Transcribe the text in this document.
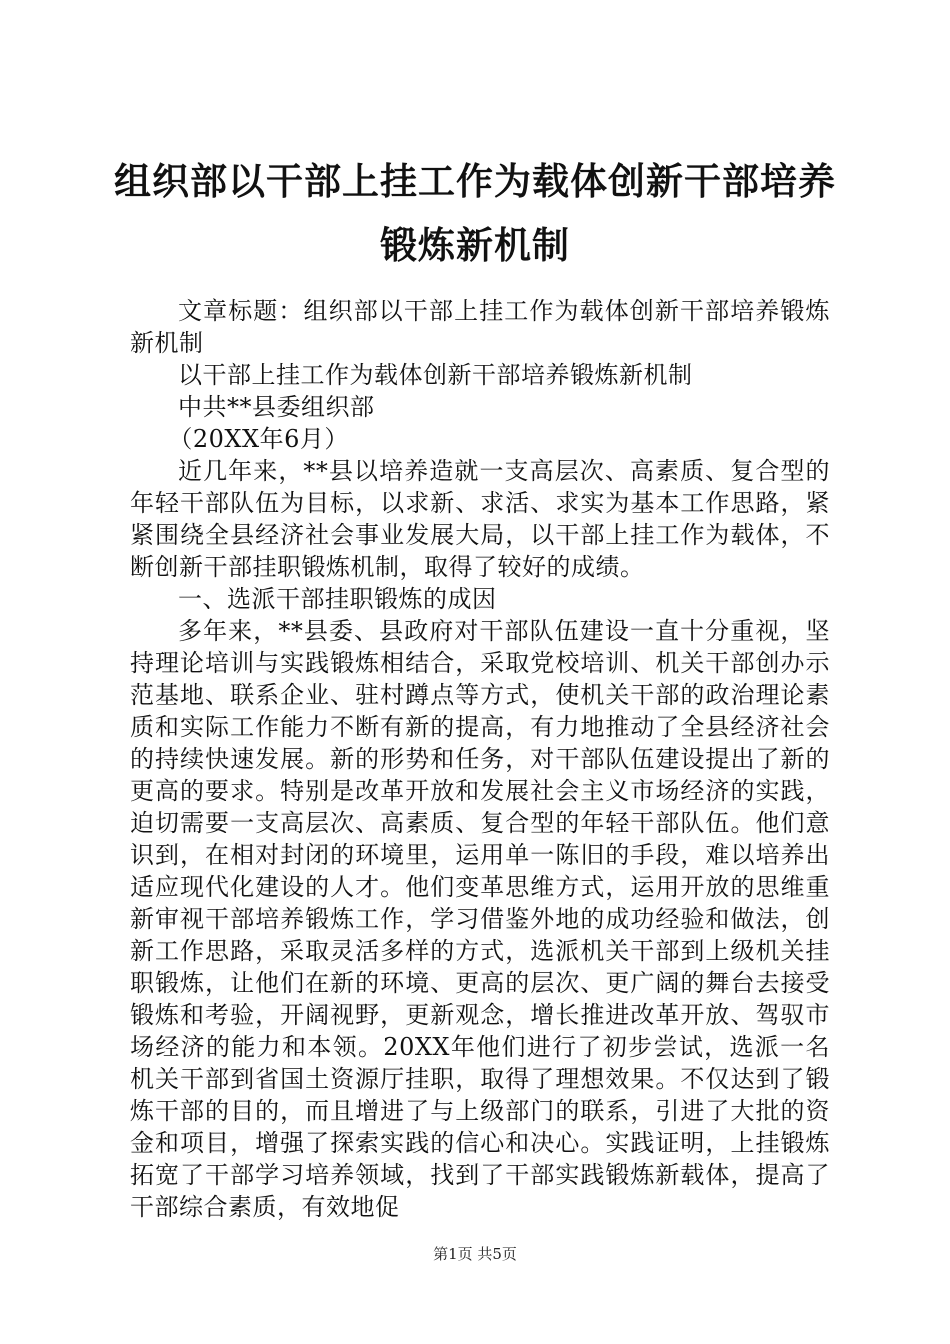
组织部以干部上挂工作为载体创新干部培养锻炼新机制

文章标题：组织部以干部上挂工作为载体创新干部培养锻炼新机制

以干部上挂工作为载体创新干部培养锻炼新机制

中共**县委组织部

（20XX年6月）

近几年来，**县以培养造就一支高层次、高素质、复合型的年轻干部队伍为目标，以求新、求活、求实为基本工作思路，紧紧围绕全县经济社会事业发展大局，以干部上挂工作为载体，不断创新干部挂职锻炼机制，取得了较好的成绩。

一、选派干部挂职锻炼的成因

多年来，**县委、县政府对干部队伍建设一直十分重视，坚持理论培训与实践锻炼相结合，采取党校培训、机关干部创办示范基地、联系企业、驻村蹲点等方式，使机关干部的政治理论素质和实际工作能力不断有新的提高，有力地推动了全县经济社会的持续快速发展。新的形势和任务，对干部队伍建设提出了新的更高的要求。特别是改革开放和发展社会主义市场经济的实践，迫切需要一支高层次、高素质、复合型的年轻干部队伍。他们意识到，在相对封闭的环境里，运用单一陈旧的手段，难以培养出适应现代化建设的人才。他们变革思维方式，运用开放的思维重新审视干部培养锻炼工作，学习借鉴外地的成功经验和做法，创新工作思路，采取灵活多样的方式，选派机关干部到上级机关挂职锻炼，让他们在新的环境、更高的层次、更广阔的舞台去接受锻炼和考验，开阔视野，更新观念，增长推进改革开放、驾驭市场经济的能力和本领。20XX年他们进行了初步尝试，选派一名机关干部到省国土资源厅挂职，取得了理想效果。不仅达到了锻炼干部的目的，而且增进了与上级部门的联系，引进了大批的资金和项目，增强了探索实践的信心和决心。实践证明，上挂锻炼拓宽了干部学习培养领域，找到了干部实践锻炼新载体，提高了干部综合素质，有效地促

第1页 共5页
